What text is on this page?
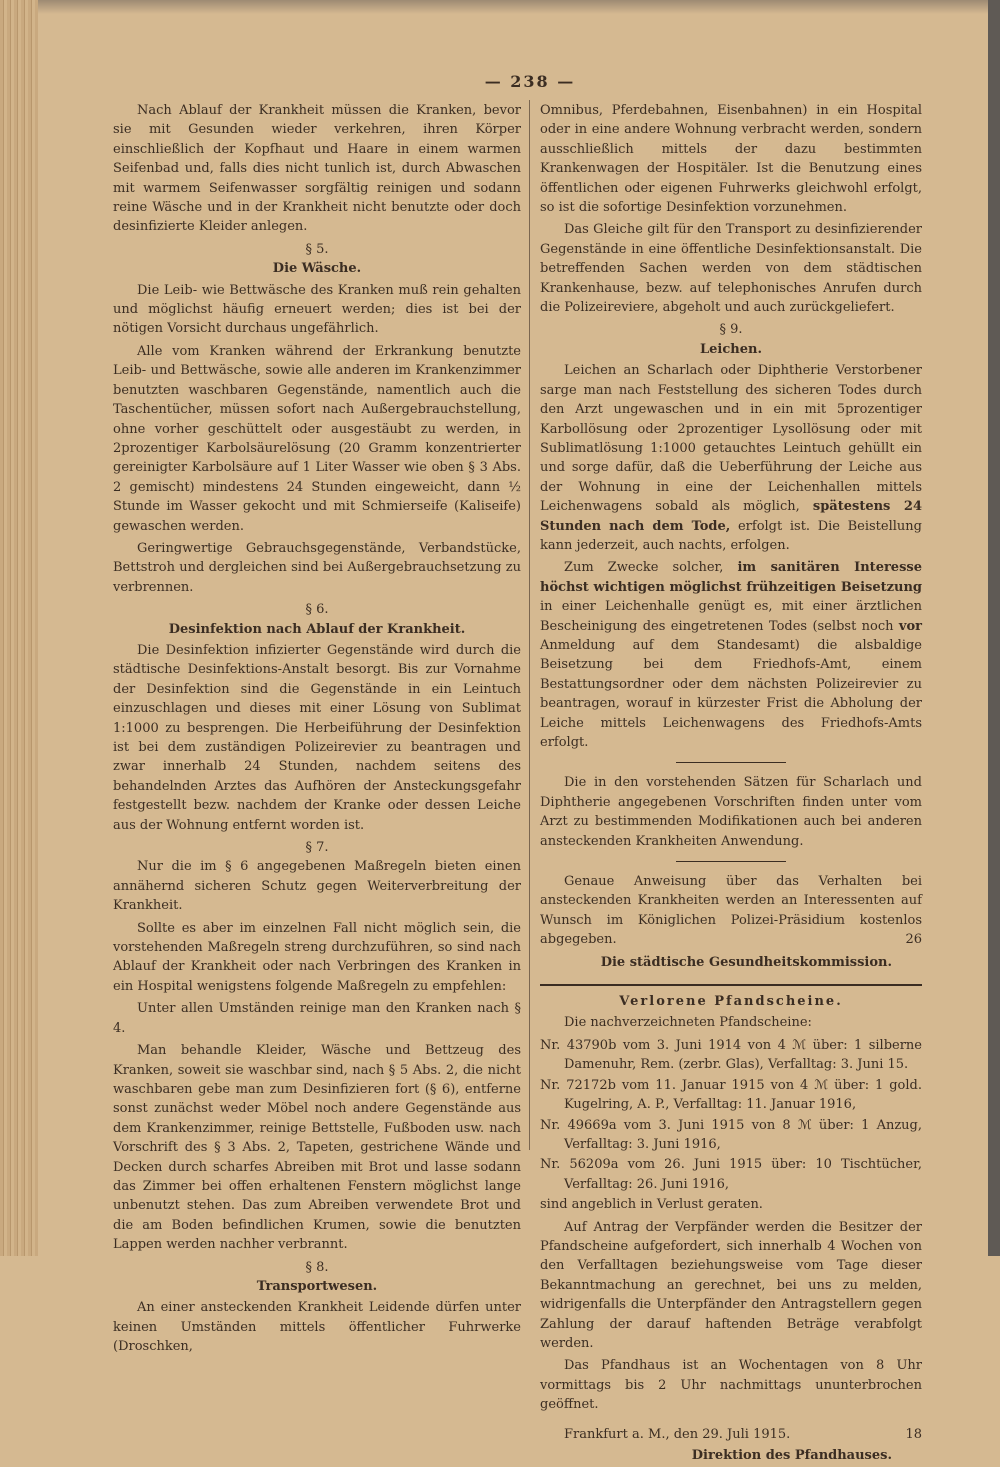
— 238 —

Nach Ablauf der Krankheit müssen die Kranken, bevor sie mit Gesunden wieder verkehren, ihren Körper einschließlich der Kopfhaut und Haare in einem warmen Seifenbad und, falls dies nicht tunlich ist, durch Abwaschen mit warmem Seifenwasser sorgfältig reinigen und sodann reine Wäsche und in der Krankheit nicht benutzte oder doch desinfizierte Kleider anlegen.

§ 5.
Die Wäsche.

Die Leib- wie Bettwäsche des Kranken muß rein gehalten und möglichst häufig erneuert werden; dies ist bei der nötigen Vorsicht durchaus ungefährlich.

Alle vom Kranken während der Erkrankung benutzte Leib- und Bettwäsche, sowie alle anderen im Krankenzimmer benutzten waschbaren Gegenstände, namentlich auch die Taschentücher, müssen sofort nach Außergebrauchstellung, ohne vorher geschüttelt oder ausgestäubt zu werden, in 2prozentiger Karbolsäurelösung (20 Gramm konzentrierter gereinigter Karbolsäure auf 1 Liter Wasser wie oben § 3 Abs. 2 gemischt) mindestens 24 Stunden eingeweicht, dann ½ Stunde im Wasser gekocht und mit Schmierseife (Kaliseife) gewaschen werden.

Geringwertige Gebrauchsgegenstände, Verbandstücke, Bettstroh und dergleichen sind bei Außergebrauchsetzung zu verbrennen.

§ 6.
Desinfektion nach Ablauf der Krankheit.

Die Desinfektion infizierter Gegenstände wird durch die städtische Desinfektions-Anstalt besorgt. Bis zur Vornahme der Desinfektion sind die Gegenstände in ein Leintuch einzuschlagen und dieses mit einer Lösung von Sublimat 1:1000 zu besprengen. Die Herbeiführung der Desinfektion ist bei dem zuständigen Polizeirevier zu beantragen und zwar innerhalb 24 Stunden, nachdem seitens des behandelnden Arztes das Aufhören der Ansteckungsgefahr festgestellt bezw. nachdem der Kranke oder dessen Leiche aus der Wohnung entfernt worden ist.

§ 7.

Nur die im § 6 angegebenen Maßregeln bieten einen annähernd sicheren Schutz gegen Weiterverbreitung der Krankheit.

Sollte es aber im einzelnen Fall nicht möglich sein, die vorstehenden Maßregeln streng durchzuführen, so sind nach Ablauf der Krankheit oder nach Verbringen des Kranken in ein Hospital wenigstens folgende Maßregeln zu empfehlen:

Unter allen Umständen reinige man den Kranken nach § 4.

Man behandle Kleider, Wäsche und Bettzeug des Kranken, soweit sie waschbar sind, nach § 5 Abs. 2, die nicht waschbaren gebe man zum Desinfizieren fort (§ 6), entferne sonst zunächst weder Möbel noch andere Gegenstände aus dem Krankenzimmer, reinige Bettstelle, Fußboden usw. nach Vorschrift des § 3 Abs. 2, Tapeten, gestrichene Wände und Decken durch scharfes Abreiben mit Brot und lasse sodann das Zimmer bei offen erhaltenen Fenstern möglichst lange unbenutzt stehen. Das zum Abreiben verwendete Brot und die am Boden befindlichen Krumen, sowie die benutzten Lappen werden nachher verbrannt.

§ 8.
Transportwesen.

An einer ansteckenden Krankheit Leidende dürfen unter keinen Umständen mittels öffentlicher Fuhrwerke (Droschken,

Omnibus, Pferdebahnen, Eisenbahnen) in ein Hospital oder in eine andere Wohnung verbracht werden, sondern ausschließlich mittels der dazu bestimmten Krankenwagen der Hospitäler. Ist die Benutzung eines öffentlichen oder eigenen Fuhrwerks gleichwohl erfolgt, so ist die sofortige Desinfektion vorzunehmen.

Das Gleiche gilt für den Transport zu desinfizierender Gegenstände in eine öffentliche Desinfektionsanstalt. Die betreffenden Sachen werden von dem städtischen Krankenhause, bezw. auf telephonisches Anrufen durch die Polizeireviere, abgeholt und auch zurückgeliefert.

§ 9.
Leichen.

Leichen an Scharlach oder Diphtherie Verstorbener sarge man nach Feststellung des sicheren Todes durch den Arzt ungewaschen und in ein mit 5prozentiger Karbollösung oder 2prozentiger Lysollösung oder mit Sublimatlösung 1:1000 getauchtes Leintuch gehüllt ein und sorge dafür, daß die Ueberführung der Leiche aus der Wohnung in eine der Leichenhallen mittels Leichenwagens sobald als möglich, spätestens 24 Stunden nach dem Tode, erfolgt ist. Die Beistellung kann jederzeit, auch nachts, erfolgen.

Zum Zwecke solcher, im sanitären Interesse höchst wichtigen möglichst frühzeitigen Beisetzung in einer Leichenhalle genügt es, mit einer ärztlichen Bescheinigung des eingetretenen Todes (selbst noch vor Anmeldung auf dem Standesamt) die alsbaldige Beisetzung bei dem Friedhofs-Amt, einem Bestattungsordner oder dem nächsten Polizeirevier zu beantragen, worauf in kürzester Frist die Abholung der Leiche mittels Leichenwagens des Friedhofs-Amts erfolgt.

Die in den vorstehenden Sätzen für Scharlach und Diphtherie angegebenen Vorschriften finden unter vom Arzt zu bestimmenden Modifikationen auch bei anderen ansteckenden Krankheiten Anwendung.

Genaue Anweisung über das Verhalten bei ansteckenden Krankheiten werden an Interessenten auf Wunsch im Königlichen Polizei-Präsidium kostenlos abgegeben.	26

Die städtische Gesundheitskommission.
Verlorene Pfandscheine.

Die nachverzeichneten Pfandscheine:

Nr. 43790b vom 3. Juni 1914 von 4 ℳ über: 1 silberne Damenuhr, Rem. (zerbr. Glas), Verfalltag: 3. Juni 15.

Nr. 72172b vom 11. Januar 1915 von 4 ℳ über: 1 gold. Kugelring, A. P., Verfalltag: 11. Januar 1916,

Nr. 49669a vom 3. Juni 1915 von 8 ℳ über: 1 Anzug, Verfalltag: 3. Juni 1916,

Nr. 56209a vom 26. Juni 1915 über: 10 Tischtücher, Verfalltag: 26. Juni 1916,

sind angeblich in Verlust geraten.

Auf Antrag der Verpfänder werden die Besitzer der Pfandscheine aufgefordert, sich innerhalb 4 Wochen von den Verfalltagen beziehungsweise vom Tage dieser Bekanntmachung an gerechnet, bei uns zu melden, widrigenfalls die Unterpfänder den Antragstellern gegen Zahlung der darauf haftenden Beträge verabfolgt werden.

Das Pfandhaus ist an Wochentagen von 8 Uhr vormittags bis 2 Uhr nachmittags ununterbrochen geöffnet.

Frankfurt a. M., den 29. Juli 1915.	18
Direktion des Pfandhauses.
